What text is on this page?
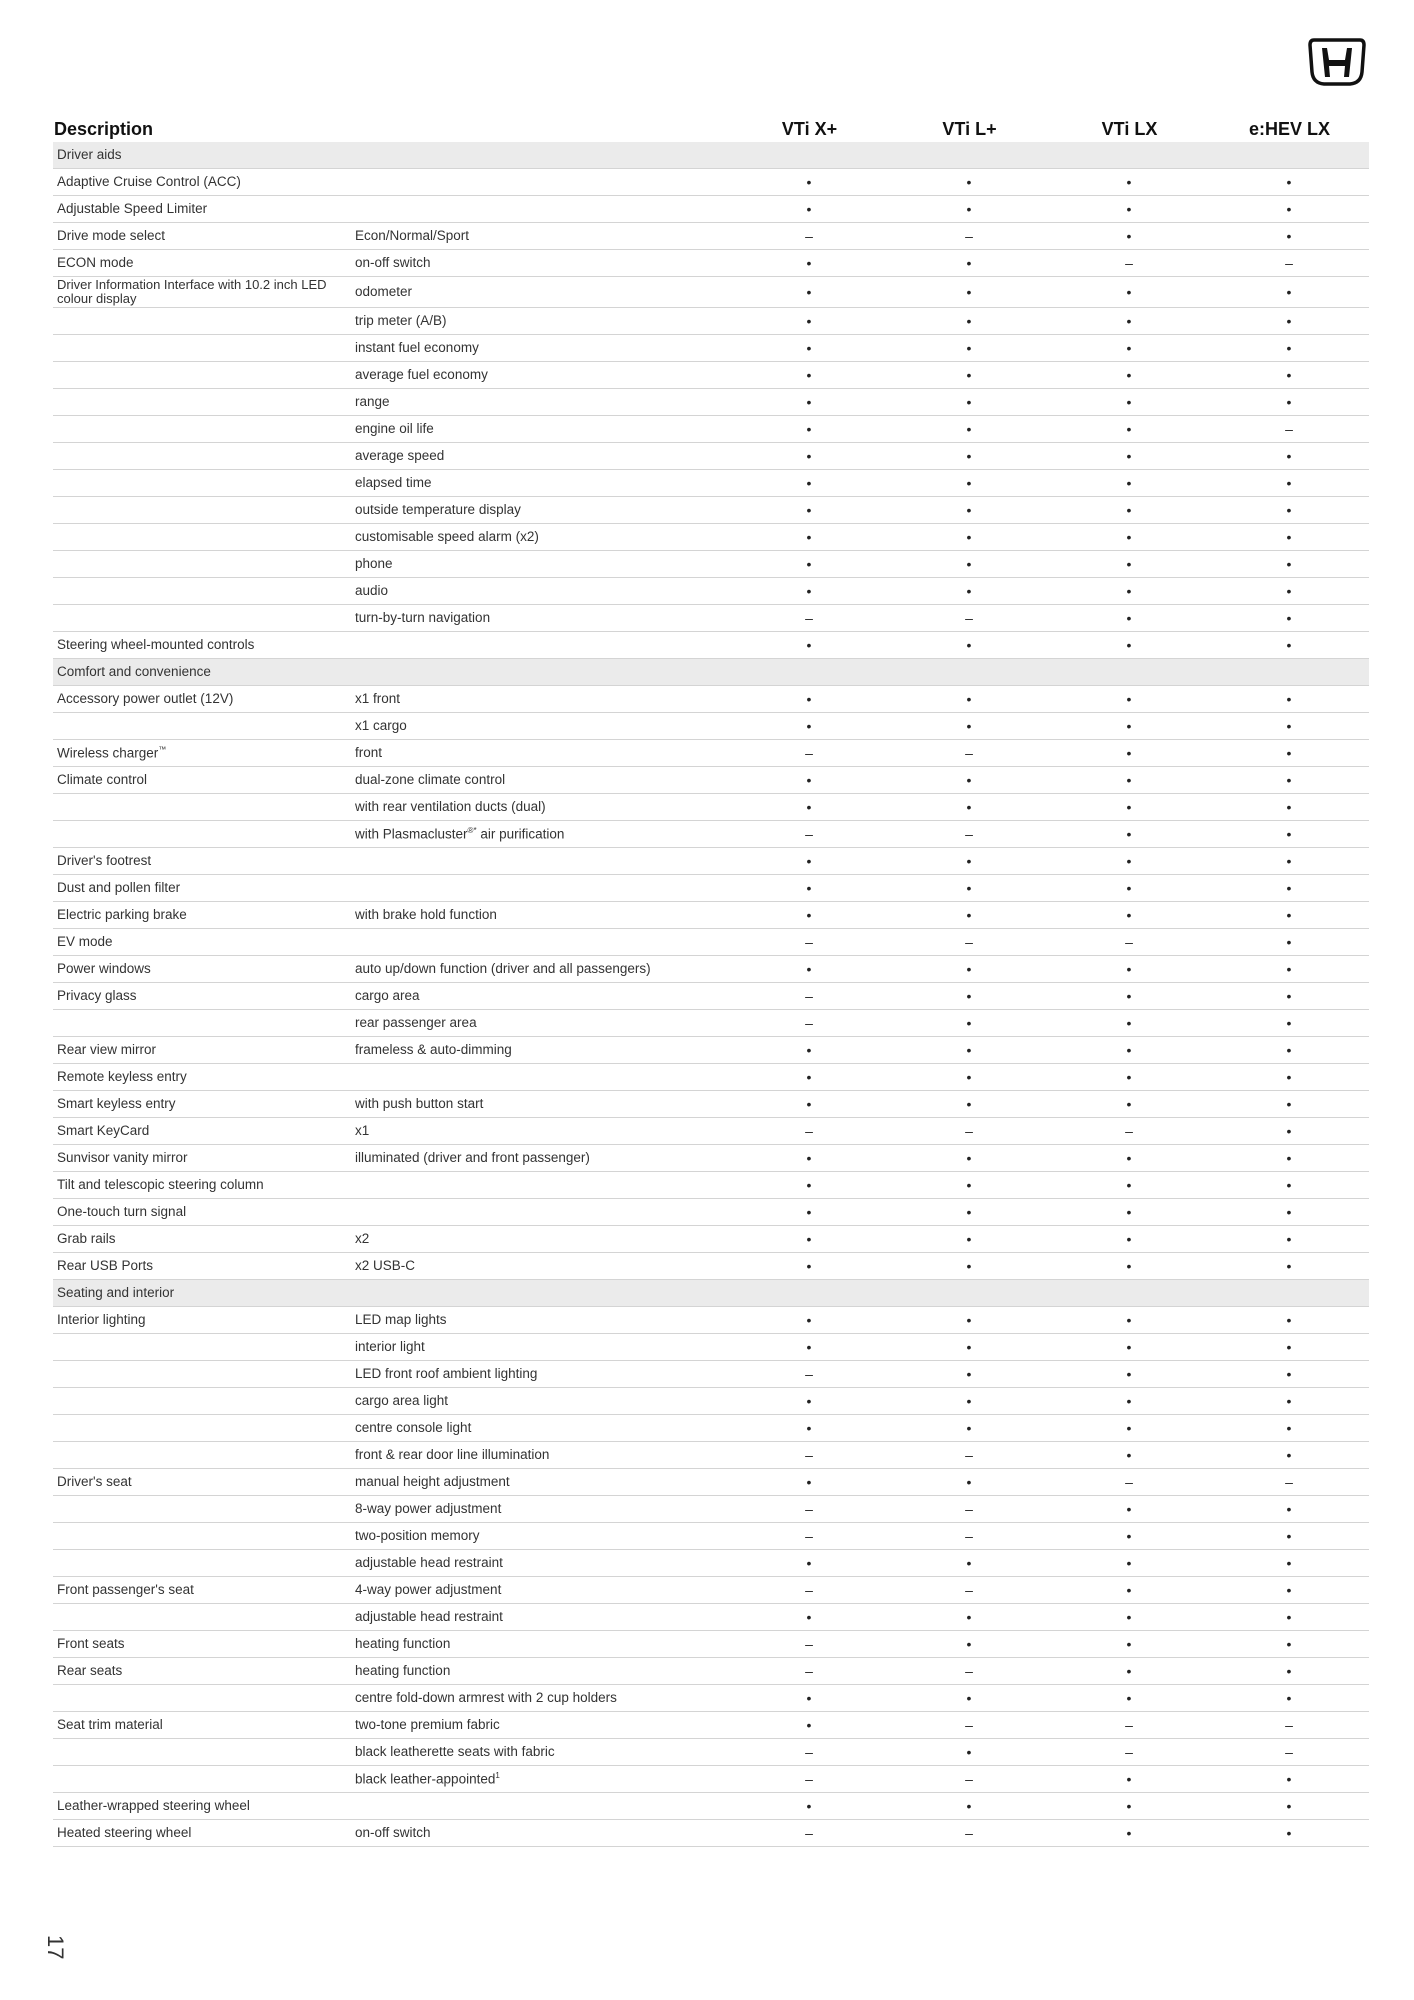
Description		VTi X+	VTi L+	VTi LX	e:HEV LX
Driver aids					
Adaptive Cruise Control (ACC)		•	•	•	•
Adjustable Speed Limiter		•	•	•	•
Drive mode select	Econ/Normal/Sport	–	–	•	•
ECON mode	on-off switch	•	•	–	–
Driver Information Interface with 10.2 inch LED colour display	odometer	•	•	•	•
	trip meter (A/B)	•	•	•	•
	instant fuel economy	•	•	•	•
	average fuel economy	•	•	•	•
	range	•	•	•	•
	engine oil life	•	•	•	–
	average speed	•	•	•	•
	elapsed time	•	•	•	•
	outside temperature display	•	•	•	•
	customisable speed alarm (x2)	•	•	•	•
	phone	•	•	•	•
	audio	•	•	•	•
	turn-by-turn navigation	–	–	•	•
Steering wheel-mounted controls		•	•	•	•
Comfort and convenience					
Accessory power outlet (12V)	x1 front	•	•	•	•
	x1 cargo	•	•	•	•
Wireless charger™	front	–	–	•	•
Climate control	dual-zone climate control	•	•	•	•
	with rear ventilation ducts (dual)	•	•	•	•
	with Plasmacluster®* air purification	–	–	•	•
Driver's footrest		•	•	•	•
Dust and pollen filter		•	•	•	•
Electric parking brake	with brake hold function	•	•	•	•
EV mode		–	–	–	•
Power windows	auto up/down function (driver and all passengers)	•	•	•	•
Privacy glass	cargo area	–	•	•	•
	rear passenger area	–	•	•	•
Rear view mirror	frameless & auto-dimming	•	•	•	•
Remote keyless entry		•	•	•	•
Smart keyless entry	with push button start	•	•	•	•
Smart KeyCard	x1	–	–	–	•
Sunvisor vanity mirror	illuminated (driver and front passenger)	•	•	•	•
Tilt and telescopic steering column		•	•	•	•
One-touch turn signal		•	•	•	•
Grab rails	x2	•	•	•	•
Rear USB Ports	x2 USB-C	•	•	•	•
Seating and interior					
Interior lighting	LED map lights	•	•	•	•
	interior light	•	•	•	•
	LED front roof ambient lighting	–	•	•	•
	cargo area light	•	•	•	•
	centre console light	•	•	•	•
	front & rear door line illumination	–	–	•	•
Driver's seat	manual height adjustment	•	•	–	–
	8-way power adjustment	–	–	•	•
	two-position memory	–	–	•	•
	adjustable head restraint	•	•	•	•
Front passenger's seat	4-way power adjustment	–	–	•	•
	adjustable head restraint	•	•	•	•
Front seats	heating function	–	•	•	•
Rear seats	heating function	–	–	•	•
	centre fold-down armrest with 2 cup holders	•	•	•	•
Seat trim material	two-tone premium fabric	•	–	–	–
	black leatherette seats with fabric	–	•	–	–
	black leather-appointed$^1$	–	–	•	•
Leather-wrapped steering wheel		•	•	•	•
Heated steering wheel	on-off switch	–	–	•	•
17
